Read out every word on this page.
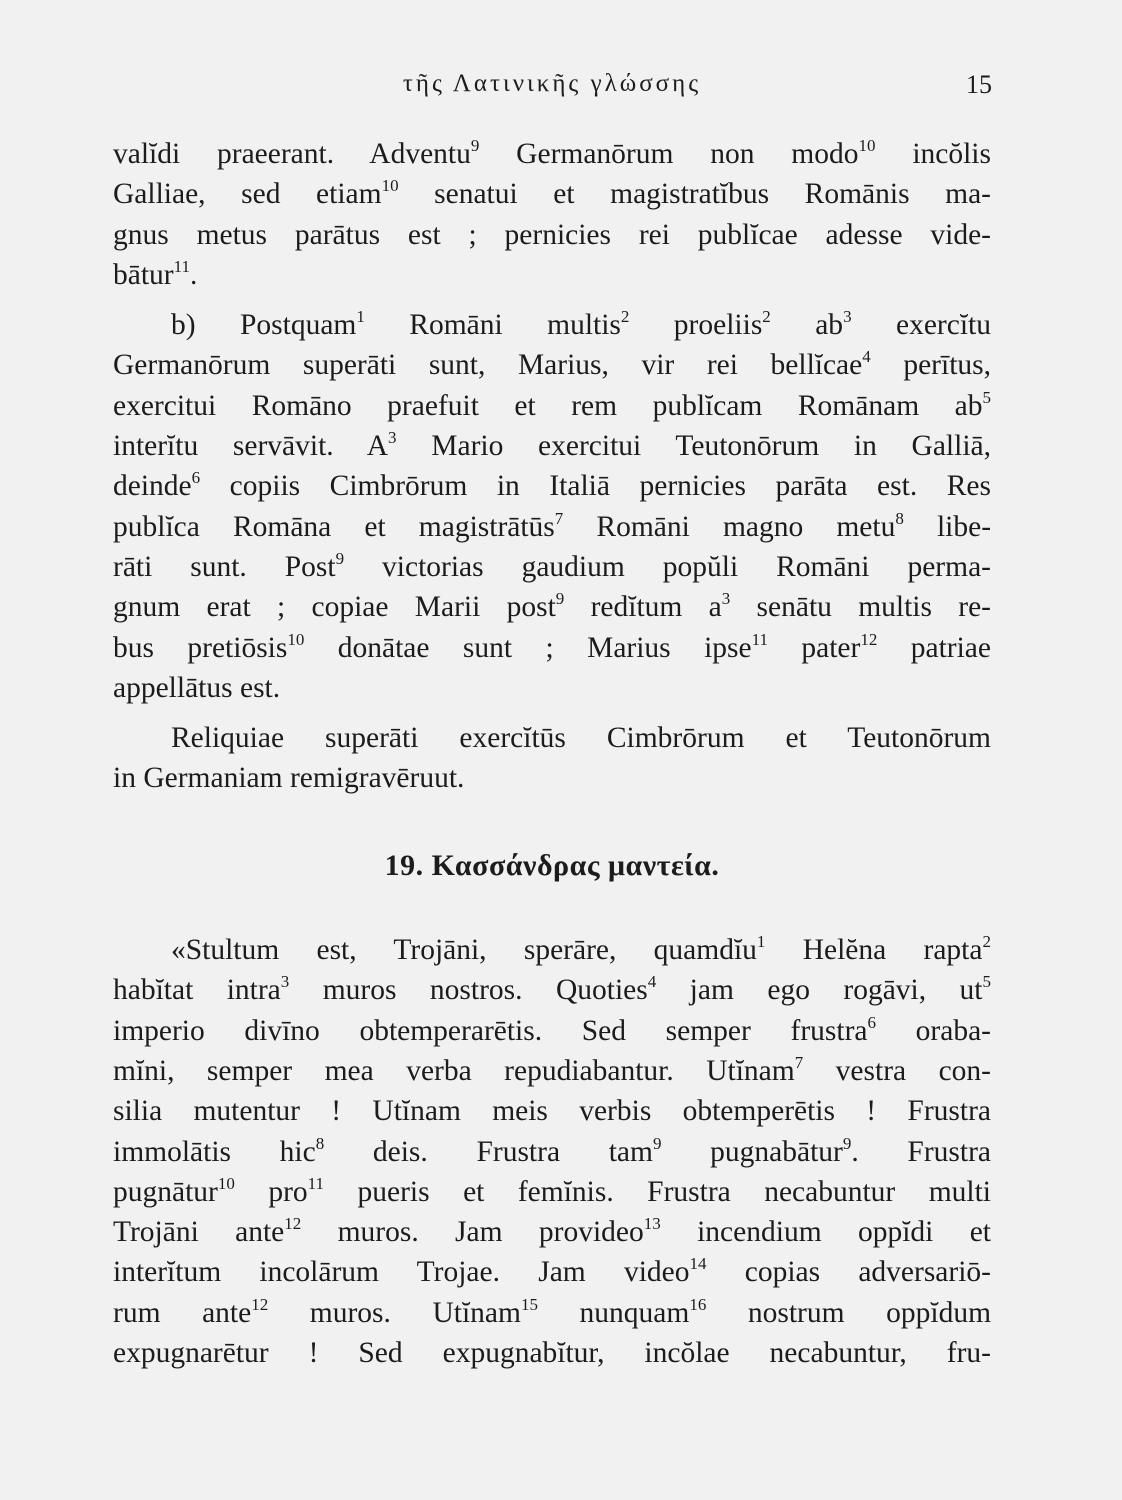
τῆς Λατινικῆς γλώσσης	15
valĭdi praeerant. Adventu$^9$ Germanōrum non modo$^{10}$ incŏlis
Galliae, sed etiam$^{10}$ senatui et magistratĭbus Romānis ma-
gnus metus parātus est ; pernicies rei publĭcae adesse vide-
bātur$^{11}$.
b) Postquam$^1$ Romāni multis$^2$ proeliis$^2$ $ab^3$ exercĭtu
Germanōrum superāti sunt, Marius, vir rei bellĭcae$^4$ perītus,
exercitui Romāno praefuit et rem publĭcam Romānam $ab^5$
interĭtu servāvit. $A^3$ Mario exercitui Teutonōrum in Galliā,
deinde$^6$ copiis Cimbrōrum in Italiā pernicies parāta est. Res
publĭca Romāna et magistrātūs$^7$ Romāni magno metu$^8$ libe-
rāti sunt. Post$^9$ victorias gaudium popŭli Romāni perma-
gnum erat ; copiae Marii post$^9$ redĭtum $a^3$ senātu multis re-
bus pretiōsis$^{10}$ donātae sunt ; Marius ipse$^{11}$ pater$^{12}$ patriae
appellātus est.
Reliquiae superāti exercĭtūs Cimbrōrum et Teutonōrum
in Germaniam remigravēruut.
19. Κασσάνδρας μαντεία.
«Stultum est, Trojāni, sperāre, quamdĭu$^1$ Helĕna rapta$^2$
habĭtat intra$^3$ muros nostros. Quoties$^4$ jam ego rogāvi, $ut^5$
imperio divīno obtemperarētis. Sed semper frustra$^6$ oraba-
mĭni, semper mea verba repudiabantur. Utĭnam$^7$ vestra con-
silia mutentur ! Utĭnam meis verbis obtemperētis ! Frustra
immolātis hic$^8$ deis. Frustra tam$^9$ pugnabātur$^9$. Frustra
pugnātur$^{10}$ pro$^{11}$ pueris et femĭnis. Frustra necabuntur multi
Trojāni ante$^{12}$ muros. Jam provideo$^{13}$ incendium oppĭdi et
interĭtum incolārum Trojae. Jam video$^{14}$ copias adversariō-
rum ante$^{12}$ muros. Utĭnam$^{15}$ nunquam$^{16}$ nostrum oppĭdum
expugnarētur ! Sed expugnabĭtur, incŏlae necabuntur, fru-
